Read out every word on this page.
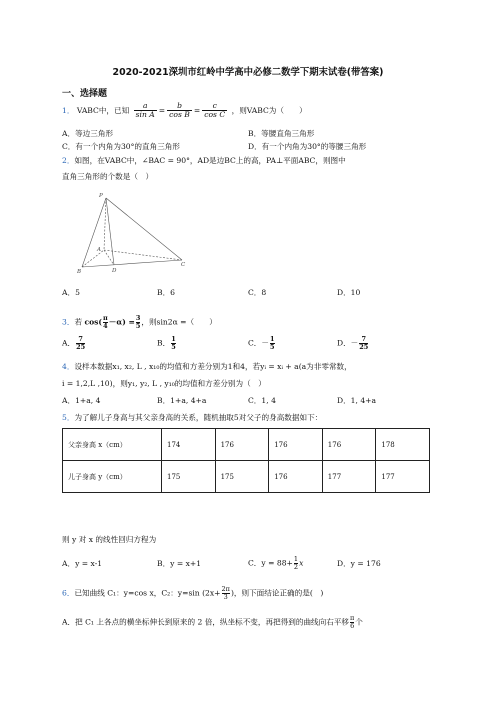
2020-2021深圳市红岭中学高中必修二数学下期末试卷(带答案)
一、选择题
1． VABC中，已知 $\frac{a}{\text{sin A}} = \frac{b}{\text{cos B}} = \frac{c}{\text{cos C}}$ ，则VABC为（　　）
A．等边三角形	B．等腰直角三角形
C．有一个内角为30°的直角三角形	D．有一个内角为30°的等腰三角形
2．如图，在VABC中，∠BAC = 90°，AD是边BC上的高，PA⊥平面ABC，则图中
直角三角形的个数是（　）
P
A
B	D
C
A．5	B．6	C．8	D．10
3．若 $\cos( \frac{\pi}{4} -\alpha) = \frac{3}{5}$ ，则sin2α =（　　）
A． $\frac{7}{25}$	B． $\frac{1}{5}$	C．－ $\frac{1}{5}$	D．－ $\frac{7}{25}$
4．设样本数据x₁, x₂, L , x₁₀的均值和方差分别为1和4，若yᵢ = xᵢ + a(a为非零常数，
i = 1,2,L ,10)，则y₁, y₂, L , y₁₀的均值和方差分别为（　）
A．1+a, 4	B．1+a, 4+a	C．1, 4	D．1, 4+a
5．为了解儿子身高与其父亲身高的关系，随机抽取5对父子的身高数据如下：
父亲身高 x（cm）	174	176	176	176	178
儿子身高 y（cm）	175	175	176	177	177
则 y 对 x 的线性回归方程为
A．y = x-1	B．y = x+1	C．$y = 88+ \frac{1}{2}$ x	D．y = 176
6．已知曲线 C₁：y=cos x，C₂：y=sin ($2x+ \frac{2\pi}{3}$ )，则下面结论正确的是(　)
A．把 C₁ 上各点的横坐标伸长到原来的 2 倍，纵坐标不变，再把得到的曲线向右平移 $\frac{\pi}{6}$ 个
